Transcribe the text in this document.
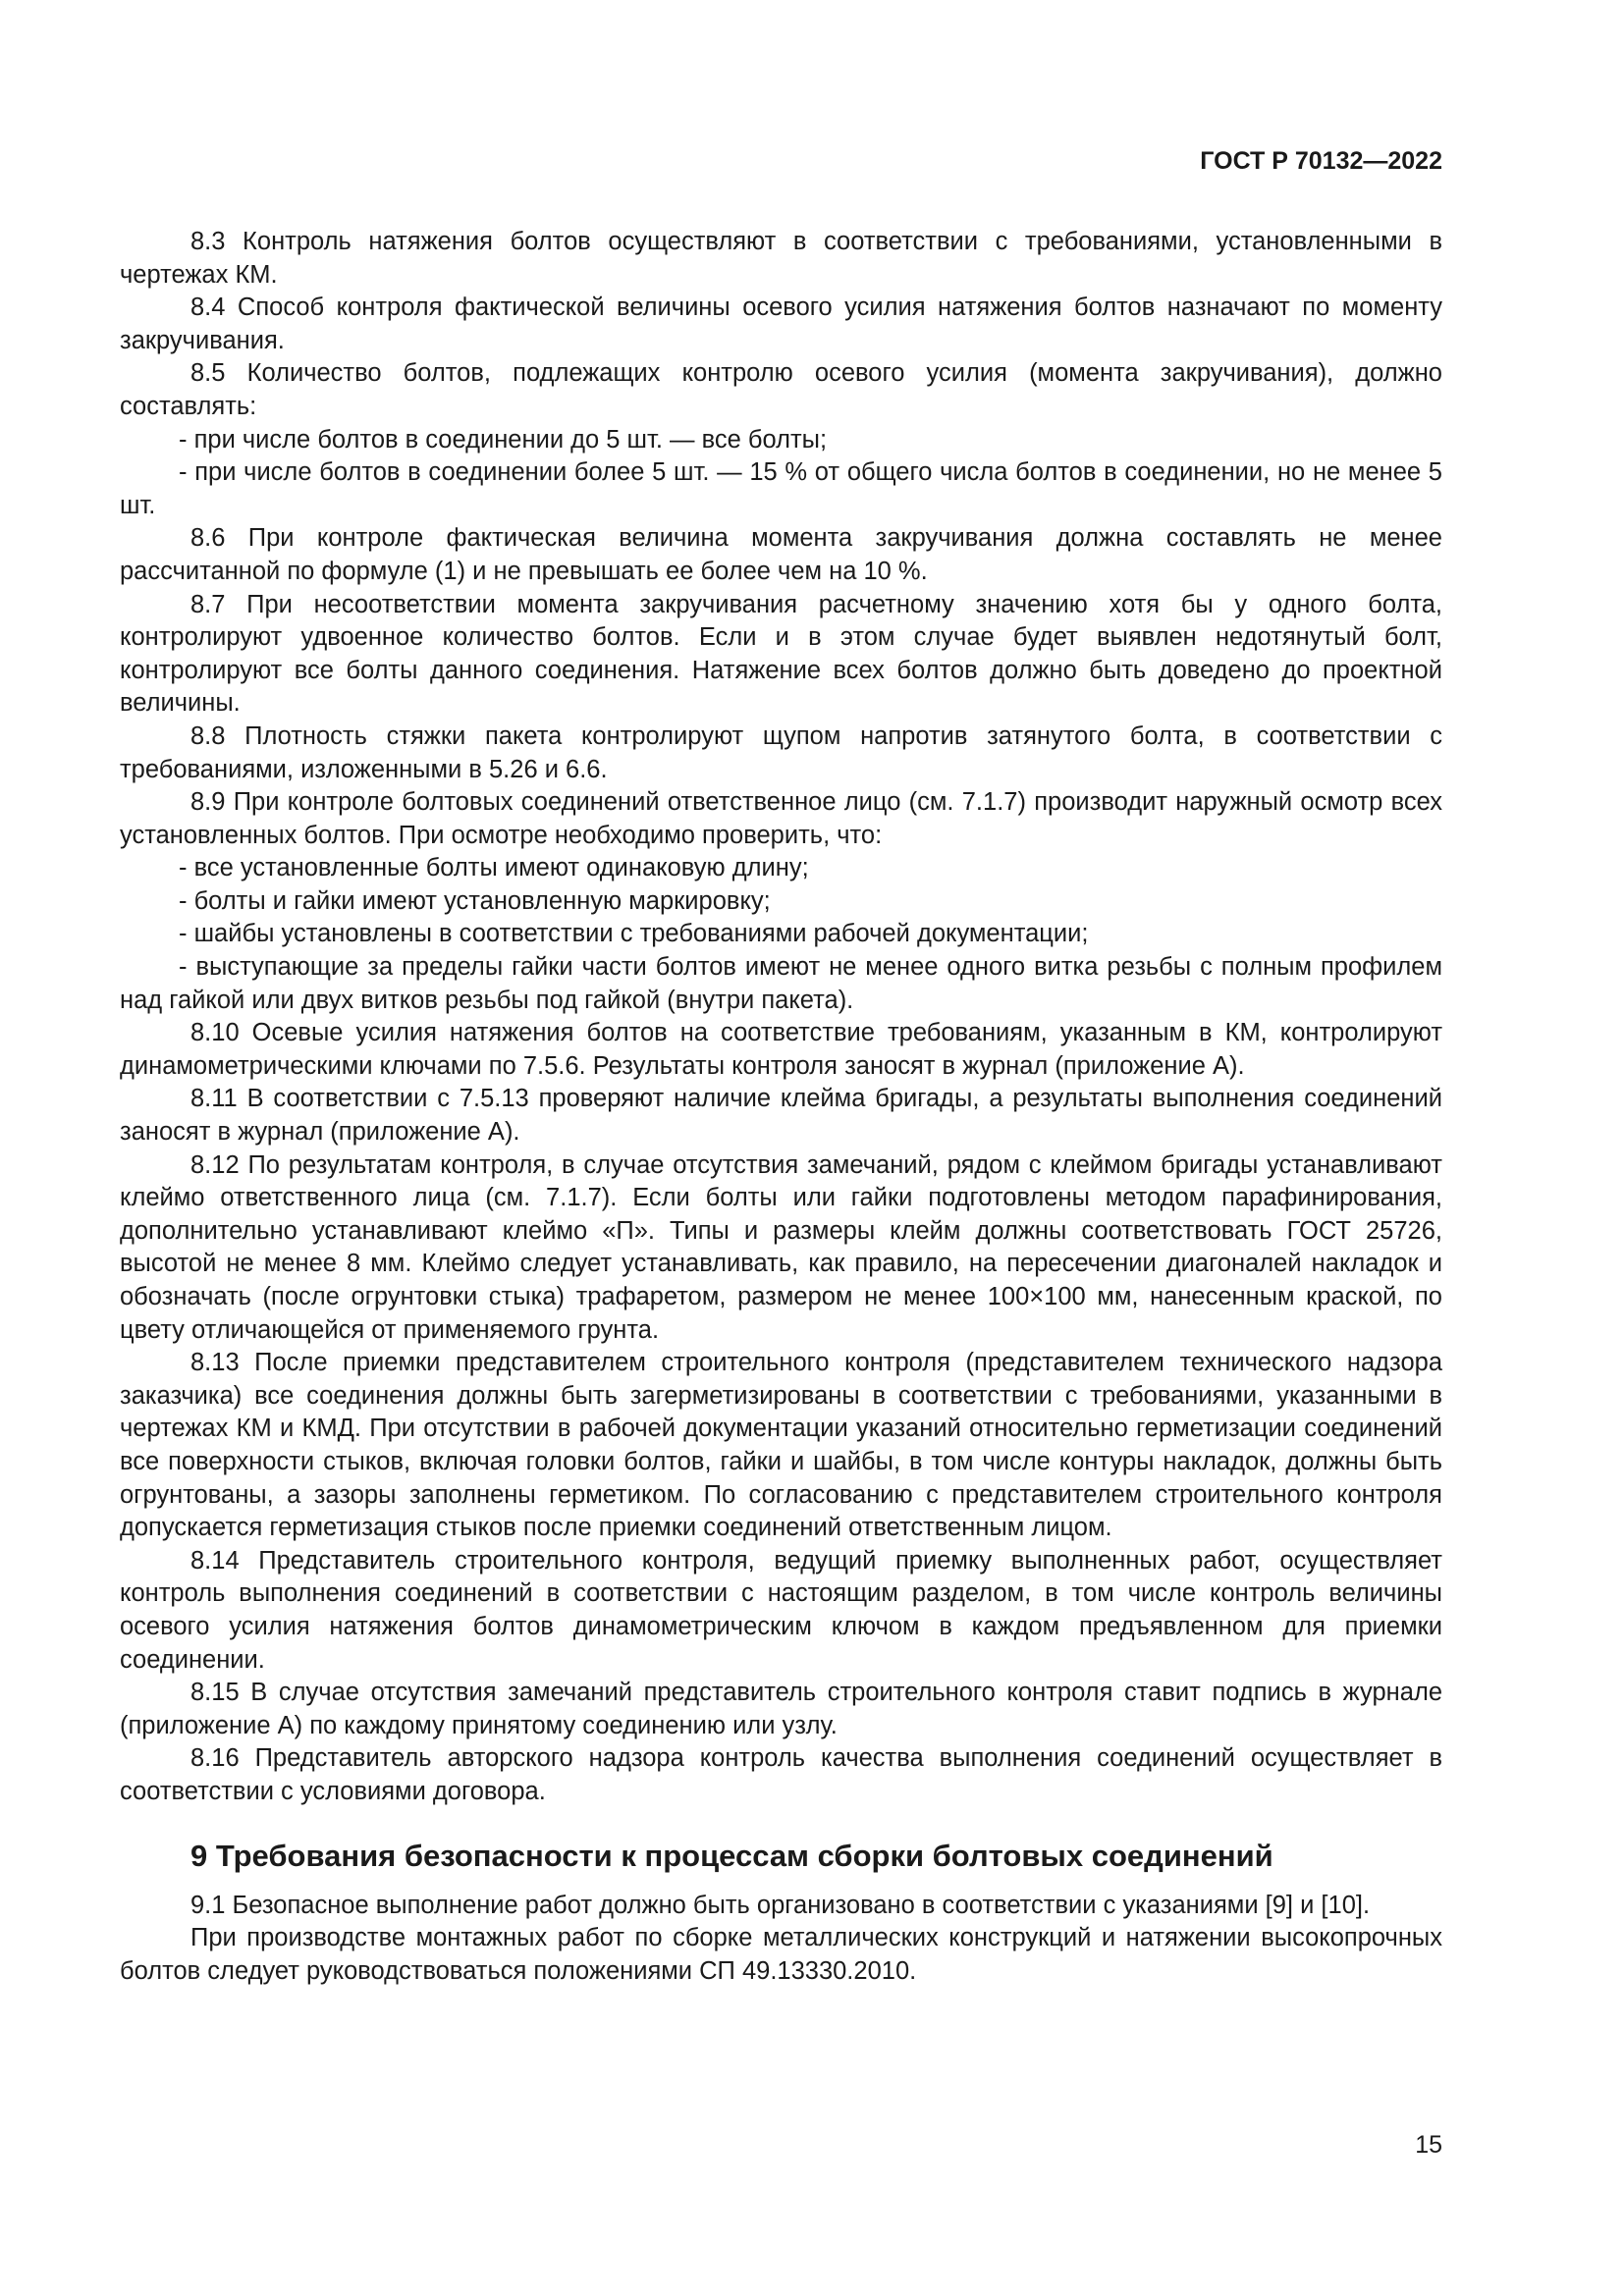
ГОСТ Р 70132—2022

8.3 Контроль натяжения болтов осуществляют в соответствии с требованиями, установленными в чертежах КМ.

8.4 Способ контроля фактической величины осевого усилия натяжения болтов назначают по моменту закручивания.

8.5 Количество болтов, подлежащих контролю осевого усилия (момента закручивания), должно составлять:

- при числе болтов в соединении до 5 шт. — все болты;

- при числе болтов в соединении более 5 шт. — 15 % от общего числа болтов в соединении, но не менее 5 шт.

8.6 При контроле фактическая величина момента закручивания должна составлять не менее рассчитанной по формуле (1) и не превышать ее более чем на 10 %.

8.7 При несоответствии момента закручивания расчетному значению хотя бы у одного болта, контролируют удвоенное количество болтов. Если и в этом случае будет выявлен недотянутый болт, контролируют все болты данного соединения. Натяжение всех болтов должно быть доведено до проектной величины.

8.8 Плотность стяжки пакета контролируют щупом напротив затянутого болта, в соответствии с требованиями, изложенными в 5.26 и 6.6.

8.9 При контроле болтовых соединений ответственное лицо (см. 7.1.7) производит наружный осмотр всех установленных болтов. При осмотре необходимо проверить, что:

- все установленные болты имеют одинаковую длину;

- болты и гайки имеют установленную маркировку;

- шайбы установлены в соответствии с требованиями рабочей документации;

- выступающие за пределы гайки части болтов имеют не менее одного витка резьбы с полным профилем над гайкой или двух витков резьбы под гайкой (внутри пакета).

8.10 Осевые усилия натяжения болтов на соответствие требованиям, указанным в КМ, контролируют динамометрическими ключами по 7.5.6. Результаты контроля заносят в журнал (приложение А).

8.11 В соответствии с 7.5.13 проверяют наличие клейма бригады, а результаты выполнения соединений заносят в журнал (приложение А).

8.12 По результатам контроля, в случае отсутствия замечаний, рядом с клеймом бригады устанавливают клеймо ответственного лица (см. 7.1.7). Если болты или гайки подготовлены методом парафинирования, дополнительно устанавливают клеймо «П». Типы и размеры клейм должны соответствовать ГОСТ 25726, высотой не менее 8 мм. Клеймо следует устанавливать, как правило, на пересечении диагоналей накладок и обозначать (после огрунтовки стыка) трафаретом, размером не менее 100×100 мм, нанесенным краской, по цвету отличающейся от применяемого грунта.

8.13 После приемки представителем строительного контроля (представителем технического надзора заказчика) все соединения должны быть загерметизированы в соответствии с требованиями, указанными в чертежах КМ и КМД. При отсутствии в рабочей документации указаний относительно герметизации соединений все поверхности стыков, включая головки болтов, гайки и шайбы, в том числе контуры накладок, должны быть огрунтованы, а зазоры заполнены герметиком. По согласованию с представителем строительного контроля допускается герметизация стыков после приемки соединений ответственным лицом.

8.14 Представитель строительного контроля, ведущий приемку выполненных работ, осуществляет контроль выполнения соединений в соответствии с настоящим разделом, в том числе контроль величины осевого усилия натяжения болтов динамометрическим ключом в каждом предъявленном для приемки соединении.

8.15 В случае отсутствия замечаний представитель строительного контроля ставит подпись в журнале (приложение А) по каждому принятому соединению или узлу.

8.16 Представитель авторского надзора контроль качества выполнения соединений осуществляет в соответствии с условиями договора.

9 Требования безопасности к процессам сборки болтовых соединений

9.1 Безопасное выполнение работ должно быть организовано в соответствии с указаниями [9] и [10].

При производстве монтажных работ по сборке металлических конструкций и натяжении высокопрочных болтов следует руководствоваться положениями СП 49.13330.2010.

15
